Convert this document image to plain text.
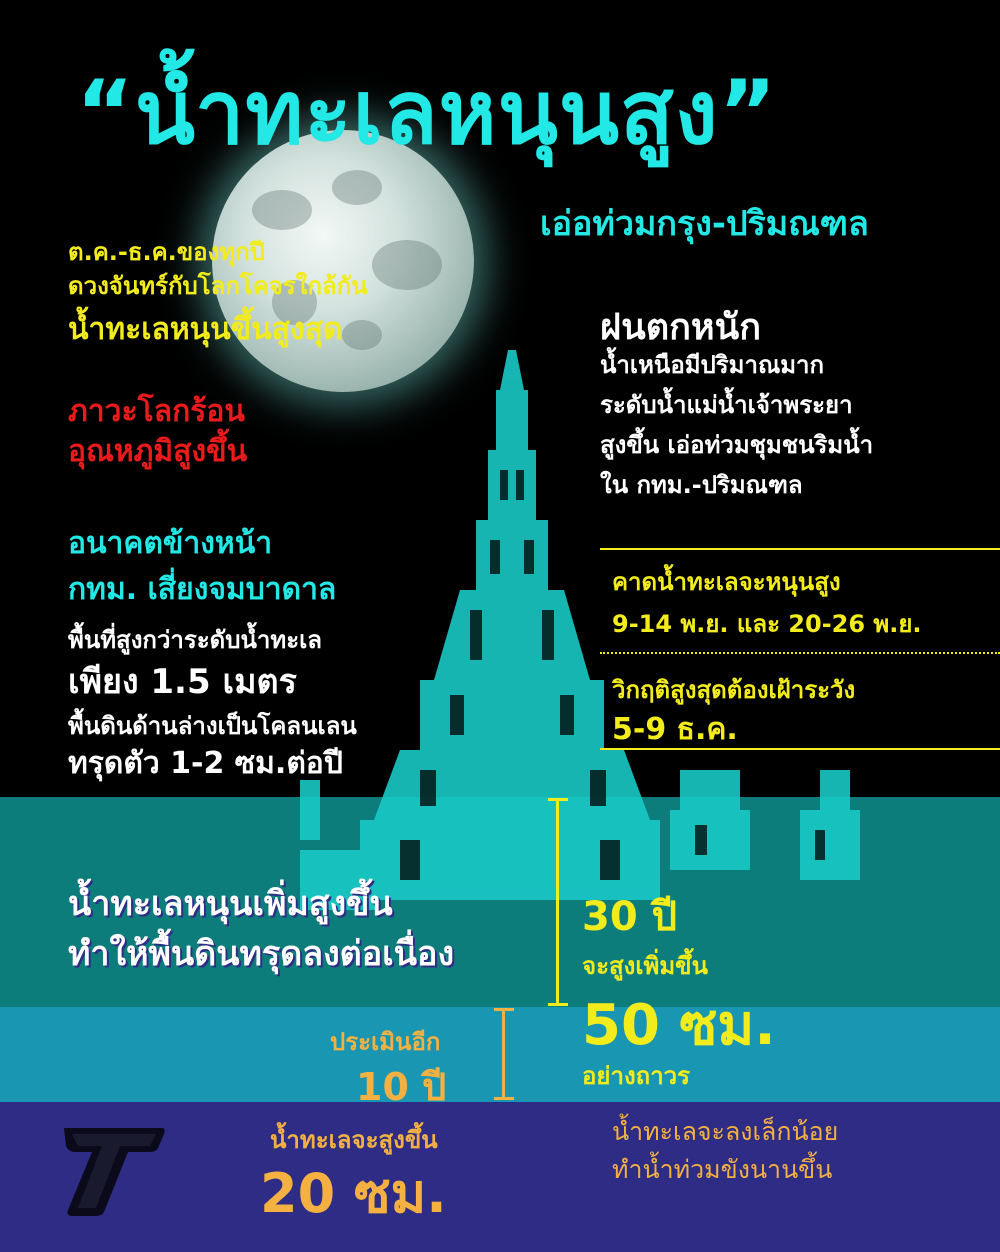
“น้ำทะเลหนุนสูง”
เอ่อท่วมกรุง-ปริมณฑล
ต.ค.-ธ.ค.ของทุกปี
ดวงจันทร์กับโลกโคจรใกล้กัน
น้ำทะเลหนุนขึ้นสูงสุด
ภาวะโลกร้อน
อุณหภูมิสูงขึ้น
อนาคตข้างหน้า
กทม. เสี่ยงจมบาดาล
พื้นที่สูงกว่าระดับน้ำทะเล
เพียง 1.5 เมตร
พื้นดินด้านล่างเป็นโคลนเลน
ทรุดตัว 1-2 ซม.ต่อปี
ฝนตกหนัก
น้ำเหนือมีปริมาณมาก
ระดับน้ำแม่น้ำเจ้าพระยา
สูงขึ้น เอ่อท่วมชุมชนริมน้ำ
ใน กทม.-ปริมณฑล
คาดน้ำทะเลจะหนุนสูง
9-14 พ.ย. และ 20-26 พ.ย.
วิกฤติสูงสุดต้องเฝ้าระวัง
5-9 ธ.ค.
น้ำทะเลหนุนเพิ่มสูงขึ้น
ทำให้พื้นดินทรุดลงต่อเนื่อง
30 ปี
จะสูงเพิ่มขึ้น
50 ซม.
อย่างถาวร
ประเมินอีก
10 ปี
น้ำทะเลจะสูงขึ้น
20 ซม.
น้ำทะเลจะลงเล็กน้อย
ทำน้ำท่วมขังนานขึ้น
